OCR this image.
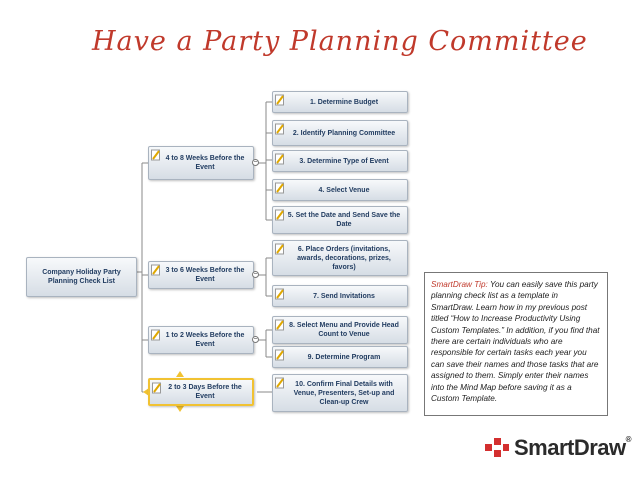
Have a Party Planning Committee
Company Holiday Party Planning Check List
4 to 8 Weeks Before the Event
−
3 to 6 Weeks Before the Event
−
1 to 2 Weeks Before the Event
−
2 to 3 Days Before the Event
1. Determine Budget
2. Identify Planning Committee
3. Determine Type of Event
4. Select Venue
5. Set the Date and Send Save the Date
6. Place Orders (invitations, awards, decorations, prizes, favors)
7. Send Invitations
8. Select Menu and Provide Head Count to Venue
9. Determine Program
10. Confirm Final Details with Venue, Presenters, Set-up and Clean-up Crew
SmartDraw Tip: You can easily save this party planning check list as a template in SmartDraw. Learn how in my previous post titled “How to Increase Productivity Using Custom Templates.” In addition, if you find that there are certain individuals who are responsible for certain tasks each year you can save their names and those tasks that are assigned to them. Simply enter their names into the Mind Map before saving it as a Custom Template.
SmartDraw®
